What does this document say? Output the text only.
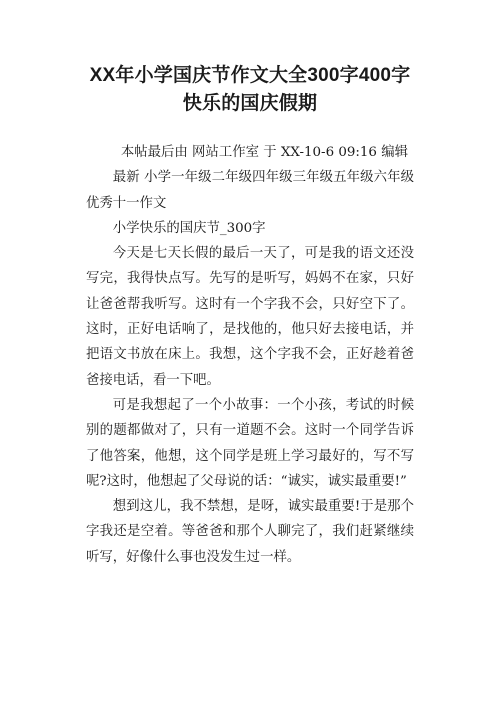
XX年小学国庆节作文大全300字400字 快乐的国庆假期

本帖最后由 网站工作室 于 XX-10-6 09:16 编辑

最新 小学一年级二年级四年级三年级五年级六年级优秀十一作文

小学快乐的国庆节_300字

今天是七天长假的最后一天了，可是我的语文还没写完，我得快点写。先写的是听写，妈妈不在家，只好让爸爸帮我听写。这时有一个字我不会，只好空下了。这时，正好电话响了，是找他的，他只好去接电话，并把语文书放在床上。我想，这个字我不会，正好趁着爸爸接电话，看一下吧。

可是我想起了一个小故事：一个小孩，考试的时候别的题都做对了，只有一道题不会。这时一个同学告诉了他答案，他想，这个同学是班上学习最好的，写不写呢?这时，他想起了父母说的话：“诚实，诚实最重要!”

想到这儿，我不禁想，是呀，诚实最重要!于是那个字我还是空着。等爸爸和那个人聊完了，我们赶紧继续听写，好像什么事也没发生过一样。
